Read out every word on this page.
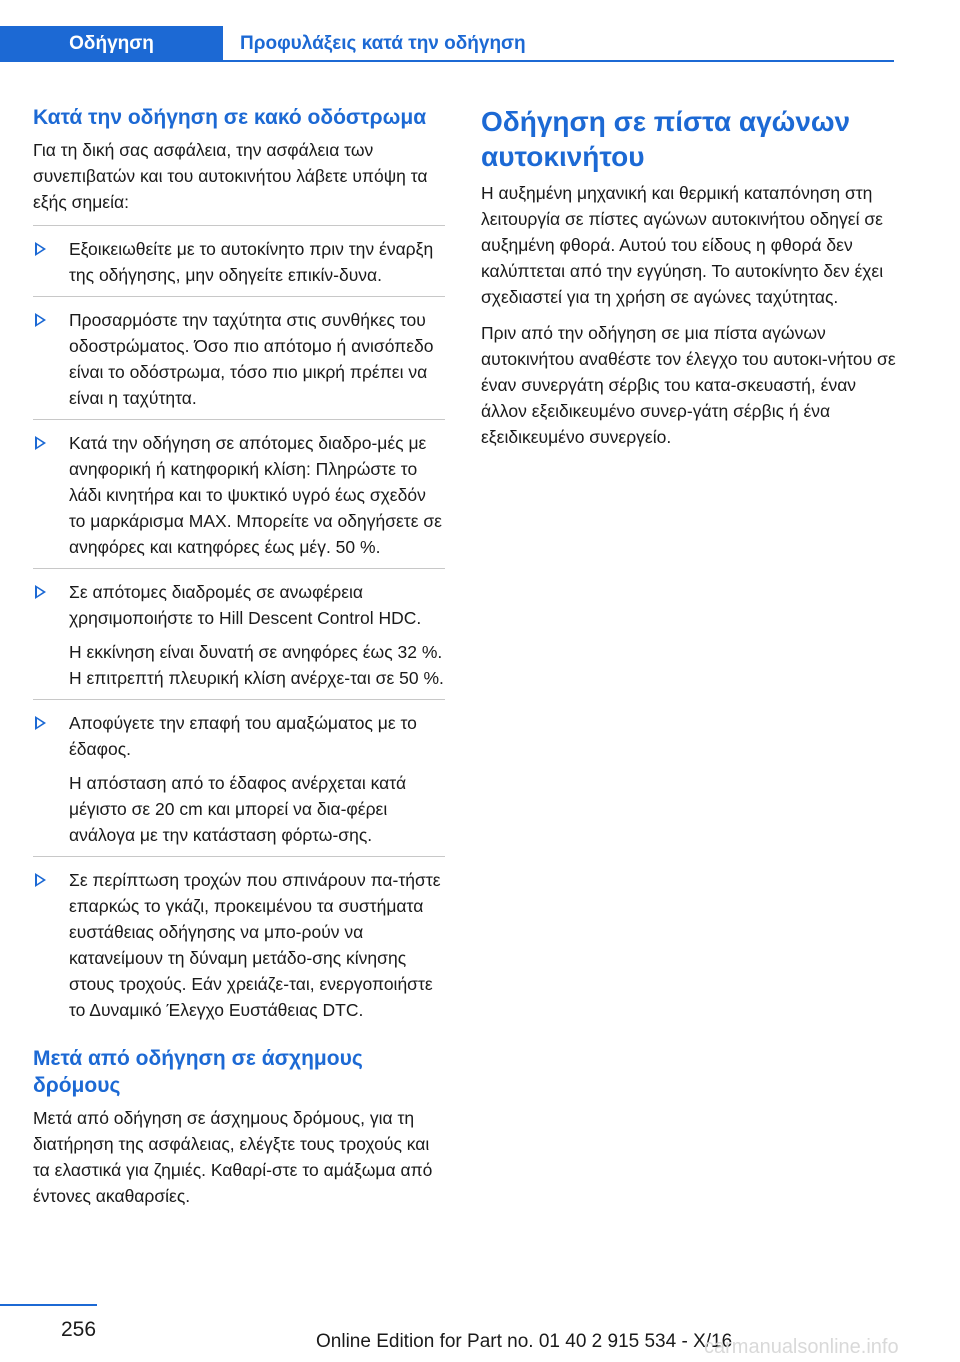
Οδήγηση	Προφυλάξεις κατά την οδήγηση
Κατά την οδήγηση σε κακό οδόστρωμα

Για τη δική σας ασφάλεια, την ασφάλεια των συνεπιβατών και του αυτοκινήτου λάβετε υπόψη τα εξής σημεία:

Εξοικειωθείτε με το αυτοκίνητο πριν την έναρξη της οδήγησης, μην οδηγείτε επικίν‐δυνα.

Προσαρμόστε την ταχύτητα στις συνθήκες του οδοστρώματος. Όσο πιο απότομο ή ανισόπεδο είναι το οδόστρωμα, τόσο πιο μικρή πρέπει να είναι η ταχύτητα.

Κατά την οδήγηση σε απότομες διαδρο‐μές με ανηφορική ή κατηφορική κλίση: Πληρώστε το λάδι κινητήρα και το ψυκτικό υγρό έως σχεδόν το μαρκάρισμα MAX. Μπορείτε να οδηγήσετε σε ανηφόρες και κατηφόρες έως μέγ. 50 %.

Σε απότομες διαδρομές σε ανωφέρεια χρησιμοποιήστε το Hill Descent Control HDC.

Η εκκίνηση είναι δυνατή σε ανηφόρες έως 32 %. Η επιτρεπτή πλευρική κλίση ανέρχε‐ται σε 50 %.

Αποφύγετε την επαφή του αμαξώματος με το έδαφος.

Η απόσταση από το έδαφος ανέρχεται κατά μέγιστο σε 20 cm και μπορεί να δια‐φέρει ανάλογα με την κατάσταση φόρτω‐σης.

Σε περίπτωση τροχών που σπινάρουν πα‐τήστε επαρκώς το γκάζι, προκειμένου τα συστήματα ευστάθειας οδήγησης να μπο‐ρούν να κατανείμουν τη δύναμη μετάδο‐σης κίνησης στους τροχούς. Εάν χρειάζε‐ται, ενεργοποιήστε το Δυναμικό Έλεγχο Ευστάθειας DTC.

Μετά από οδήγηση σε άσχημους δρόμους

Μετά από οδήγηση σε άσχημους δρόμους, για τη διατήρηση της ασφάλειας, ελέγξτε τους τροχούς και τα ελαστικά για ζημιές. Καθαρί‐στε το αμάξωμα από έντονες ακαθαρσίες.

Οδήγηση σε πίστα αγώνων αυτοκινήτου

Η αυξημένη μηχανική και θερμική καταπόνηση στη λειτουργία σε πίστες αγώνων αυτοκινήτου οδηγεί σε αυξημένη φθορά. Αυτού του είδους η φθορά δεν καλύπτεται από την εγγύηση. Το αυτοκίνητο δεν έχει σχεδιαστεί για τη χρήση σε αγώνες ταχύτητας.

Πριν από την οδήγηση σε μια πίστα αγώνων αυτοκινήτου αναθέστε τον έλεγχο του αυτοκι‐νήτου σε έναν συνεργάτη σέρβις του κατα‐σκευαστή, έναν άλλον εξειδικευμένο συνερ‐γάτη σέρβις ή ένα εξειδικευμένο συνεργείο.

256
Online Edition for Part no. 01 40 2 915 534 - X/16
carmanualsonline.info
